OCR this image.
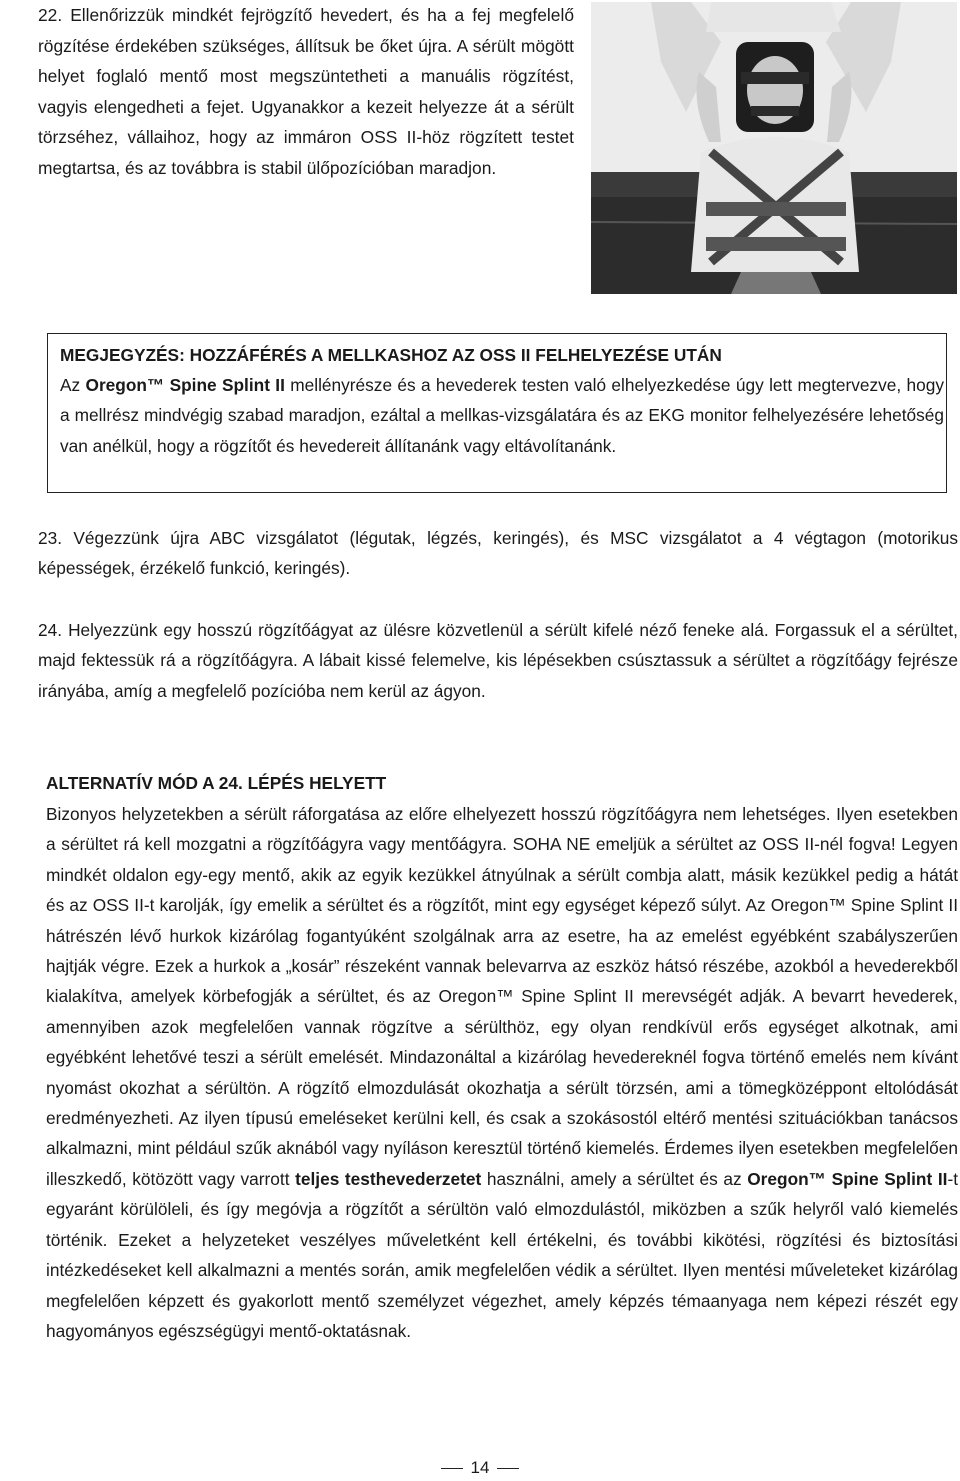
22. Ellenőrizzük mindkét fejrögzítő hevedert, és ha a fej megfelelő rögzítése érdekében szükséges, állítsuk be őket újra. A sérült mögött helyet foglaló mentő most megszüntetheti a manuális rögzítést, vagyis elengedheti a fejet. Ugyanakkor a kezeit helyezze át a sérült törzséhez, vállaihoz, hogy az immáron OSS II-höz rögzített testet megtartsa, és az továbbra is stabil ülőpozícióban maradjon.

MEGJEGYZÉS: HOZZÁFÉRÉS A MELLKASHOZ AZ OSS II FELHELYEZÉSE UTÁN

Az Oregon™ Spine Splint II mellényrésze és a hevederek testen való elhelyezkedése úgy lett megtervezve, hogy a mellrész mindvégig szabad maradjon, ezáltal a mellkas-vizsgálatára és az EKG monitor felhelyezésére lehetőség van anélkül, hogy a rögzítőt és hevedereit állítanánk vagy eltávolítanánk.

23. Végezzünk újra ABC vizsgálatot (légutak, légzés, keringés), és MSC vizsgálatot a 4 végtagon (motorikus képességek, érzékelő funkció, keringés).

24. Helyezzünk egy hosszú rögzítőágyat az ülésre közvetlenül a sérült kifelé néző feneke alá. Forgassuk el a sérültet, majd fektessük rá a rögzítőágyra. A lábait kissé felemelve, kis lépésekben csúsztassuk a sérültet a rögzítőágy fejrésze irányába, amíg a megfelelő pozícióba nem kerül az ágyon.

ALTERNATÍV MÓD A 24. LÉPÉS HELYETT

Bizonyos helyzetekben a sérült ráforgatása az előre elhelyezett hosszú rögzítőágyra nem lehetséges. Ilyen esetekben a sérültet rá kell mozgatni a rögzítőágyra vagy mentőágyra. SOHA NE emeljük a sérültet az OSS II-nél fogva! Legyen mindkét oldalon egy-egy mentő, akik az egyik kezükkel átnyúlnak a sérült combja alatt, másik kezükkel pedig a hátát és az OSS II-t karolják, így emelik a sérültet és a rögzítőt, mint egy egységet képező súlyt. Az Oregon™ Spine Splint II hátrészén lévő hurkok kizárólag fogantyúként szolgálnak arra az esetre, ha az emelést egyébként szabályszerűen hajtják végre. Ezek a hurkok a „kosár” részeként vannak belevarrva az eszköz hátsó részébe, azokból a hevederekből kialakítva, amelyek körbefogják a sérültet, és az Oregon™ Spine Splint II merevségét adják. A bevarrt hevederek, amennyiben azok megfelelően vannak rögzítve a sérülthöz, egy olyan rendkívül erős egységet alkotnak, ami egyébként lehetővé teszi a sérült emelését. Mindazonáltal a kizárólag hevedereknél fogva történő emelés nem kívánt nyomást okozhat a sérültön. A rögzítő elmozdulását okozhatja a sérült törzsén, ami a tömegközéppont eltolódását eredményezheti. Az ilyen típusú emeléseket kerülni kell, és csak a szokásostól eltérő mentési szituációkban tanácsos alkalmazni, mint például szűk aknából vagy nyíláson keresztül történő kiemelés. Érdemes ilyen esetekben megfelelően illeszkedő, kötözött vagy varrott teljes testhevederzetet használni, amely a sérültet és az Oregon™ Spine Splint II-t egyaránt körülöleli, és így megóvja a rögzítőt a sérültön való elmozdulástól, miközben a szűk helyről való kiemelés történik. Ezeket a helyzeteket veszélyes műveletként kell értékelni, és további kikötési, rögzítési és biztosítási intézkedéseket kell alkalmazni a mentés során, amik megfelelően védik a sérültet. Ilyen mentési műveleteket kizárólag megfelelően képzett és gyakorlott mentő személyzet végezhet, amely képzés témaanyaga nem képezi részét egy hagyományos egészségügyi mentő-oktatásnak.

14
